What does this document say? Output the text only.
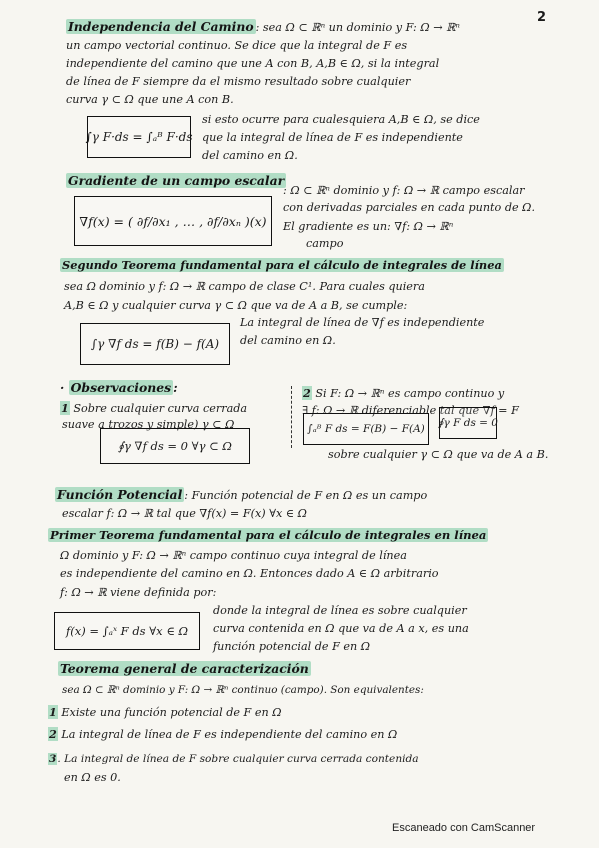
2
Independencia del Camino : sea Ω ⊂ ℝⁿ un dominio y F: Ω → ℝⁿ
un campo vectorial continuo. Se dice que la integral de F es
independiente del camino que une A con B, A,B ∈ Ω, si la integral
de línea de F siempre da el mismo resultado sobre cualquier
curva γ ⊂ Ω que une A con B.
∫γ F·ds = ∫ₐᴮ F·ds
si esto ocurre para cualesquiera A,B ∈ Ω, se dice
que la integral de línea de F es independiente
del camino en Ω.
Gradiente de un campo escalar
: Ω ⊂ ℝⁿ dominio y f: Ω → ℝ campo escalar
con derivadas parciales en cada punto de Ω.
∇f(x) = ( ∂f/∂x₁ , … , ∂f/∂xₙ )(x)	El gradiente es un: ∇f: Ω → ℝⁿ
campo
Segundo Teorema fundamental para el cálculo de integrales de línea
sea Ω dominio y f: Ω → ℝ campo de clase C¹. Para cuales quiera
A,B ∈ Ω y cualquier curva γ ⊂ Ω que va de A a B, se cumple:
∫γ ∇f ds = f(B) − f(A)
La integral de línea de ∇f es independiente
del camino en Ω.
· Observaciones :
1 Sobre cualquier curva cerrada
suave a trozos y simple) γ ⊂ Ω
∮γ ∇f ds = 0 ∀γ ⊂ Ω
2 Si F: Ω → ℝⁿ es campo continuo y
∃ f: Ω → ℝ diferenciable tal que ∇f = F
∫ₐᴮ F ds = F(B) − F(A)	∮γ F ds = 0
sobre cualquier γ ⊂ Ω que va de A a B.
Función Potencial : Función potencial de F en Ω es un campo
escalar f: Ω → ℝ tal que ∇f(x) = F(x) ∀x ∈ Ω
Primer Teorema fundamental para el cálculo de integrales en línea
Ω dominio y F: Ω → ℝⁿ campo continuo cuya integral de línea
es independiente del camino en Ω. Entonces dado A ∈ Ω arbitrario
f: Ω → ℝ viene definida por:
f(x) = ∫ₐˣ F ds ∀x ∈ Ω
donde la integral de línea es sobre cualquier
curva contenida en Ω que va de A a x, es una
función potencial de F en Ω
Teorema general de caracterización
sea Ω ⊂ ℝⁿ dominio y F: Ω → ℝⁿ continuo (campo). Son equivalentes:
1 Existe una función potencial de F en Ω
2 La integral de línea de F es independiente del camino en Ω
3. La integral de línea de F sobre cualquier curva cerrada contenida
en Ω es 0.
Escaneado con CamScanner
